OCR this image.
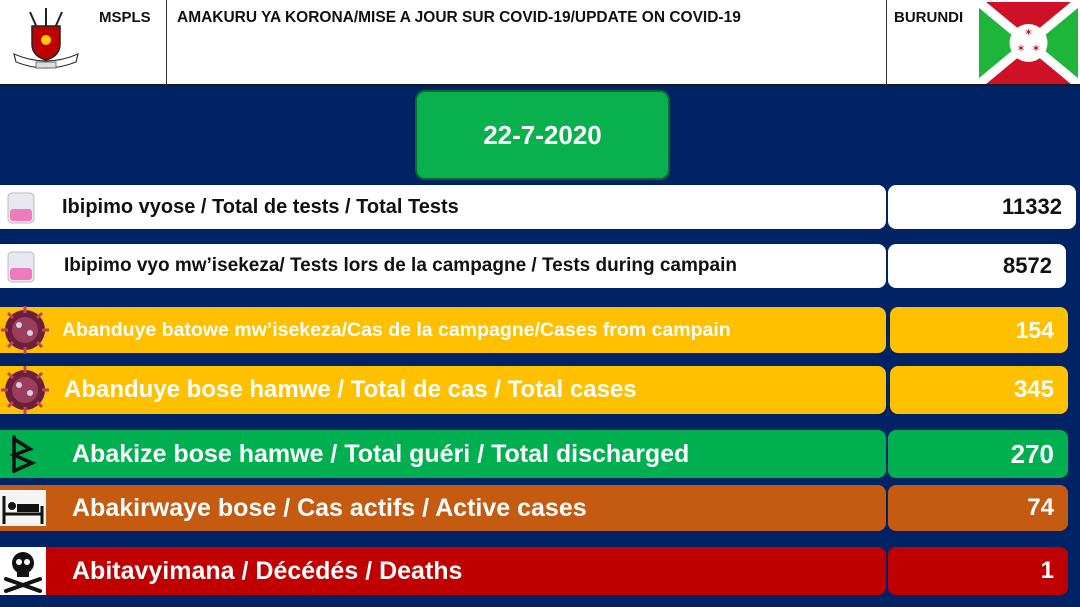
MSPLS AMAKURU YA KORONA/MISE A JOUR SUR COVID-19/UPDATE ON COVID-19	BURUNDI
✶
✶ ✶
22-7-2020
Ibipimo vyose / Total de tests / Total Tests	11332
Ibipimo vyo mw’isekeza/ Tests lors de la campagne / Tests during campain	8572
Abanduye batowe mw’isekeza/Cas de la campagne/Cases from campain	154
Abanduye bose hamwe / Total de cas / Total cases	345
Abakize bose hamwe / Total guéri / Total discharged	270
Abakirwaye bose / Cas actifs / Active cases	74
Abitavyimana / Décédés / Deaths	1
